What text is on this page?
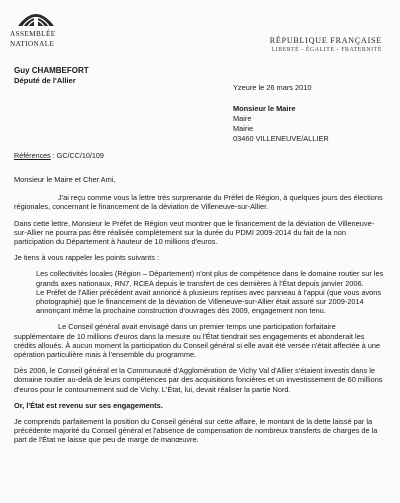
ASSEMBLÉE
NATIONALE	RÉPUBLIQUE FRANÇAISE
LIBERTÉ - ÉGALITÉ - FRATERNITÉ
Guy CHAMBEFORT
Député de l'Allier
Yzeure le 26 mars 2010
Monsieur le Maire
Maire
Mairie
03460 VILLENEUVE/ALLIER
Références : GC/CC/10/109

Monsieur le Maire et Cher Ami,

J'ai reçu comme vous la lettre très surprenante du Préfet de Région, à quelques jours des élections régionales, concernant le financement de la déviation de Villeneuve-sur-Allier.

Dans cette lettre, Monsieur le Préfet de Région veut montrer que le financement de la déviation de Villeneuve-sur-Allier ne pourra pas être réalisée complètement sur la durée du PDMI 2009-2014 du fait de la non participation du Département à hauteur de 10 millions d'euros.

Je tiens à vous rappeler les points suivants :

Les collectivités locales (Région – Département) n'ont plus de compétence dans le domaine routier sur les grands axes nationaux, RN7, RCEA depuis le transfert de ces dernières à l'État depuis janvier 2006.

Le Préfet de l'Allier précédent avait annoncé à plusieurs reprises avec panneau à l'appui (que vous avons photographié) que le financement de la déviation de Villeneuve-sur-Allier était assuré sur 2009-2014 annonçant même la prochaine construction d'ouvrages dès 2009, engagement non tenu.

Le Conseil général avait envisagé dans un premier temps une participation forfaitaire supplémentaire de 10 millions d'euros dans la mesure ou l'État tiendrait ses engagements et abonderait les crédits alloués. À aucun moment la participation du Conseil général si elle avait été versée n'était affectée à une opération particulière mais à l'ensemble du programme.

Dès 2006, le Conseil général et la Communauté d'Agglomération de Vichy Val d'Allier s'étaient investis dans le domaine routier au-delà de leurs compétences par des acquisitions foncières et un investissement de 60 millions d'euros pour le contournement sud de Vichy. L'État, lui, devait réaliser la partie Nord.

Or, l'État est revenu sur ses engagements.

Je comprends parfaitement la position du Conseil général sur cette affaire, le montant de la dette laissé par la précédente majorité du Conseil général et l'absence de compensation de nombreux transferts de charges de la part de l'État ne laisse que peu de marge de manœuvre.
